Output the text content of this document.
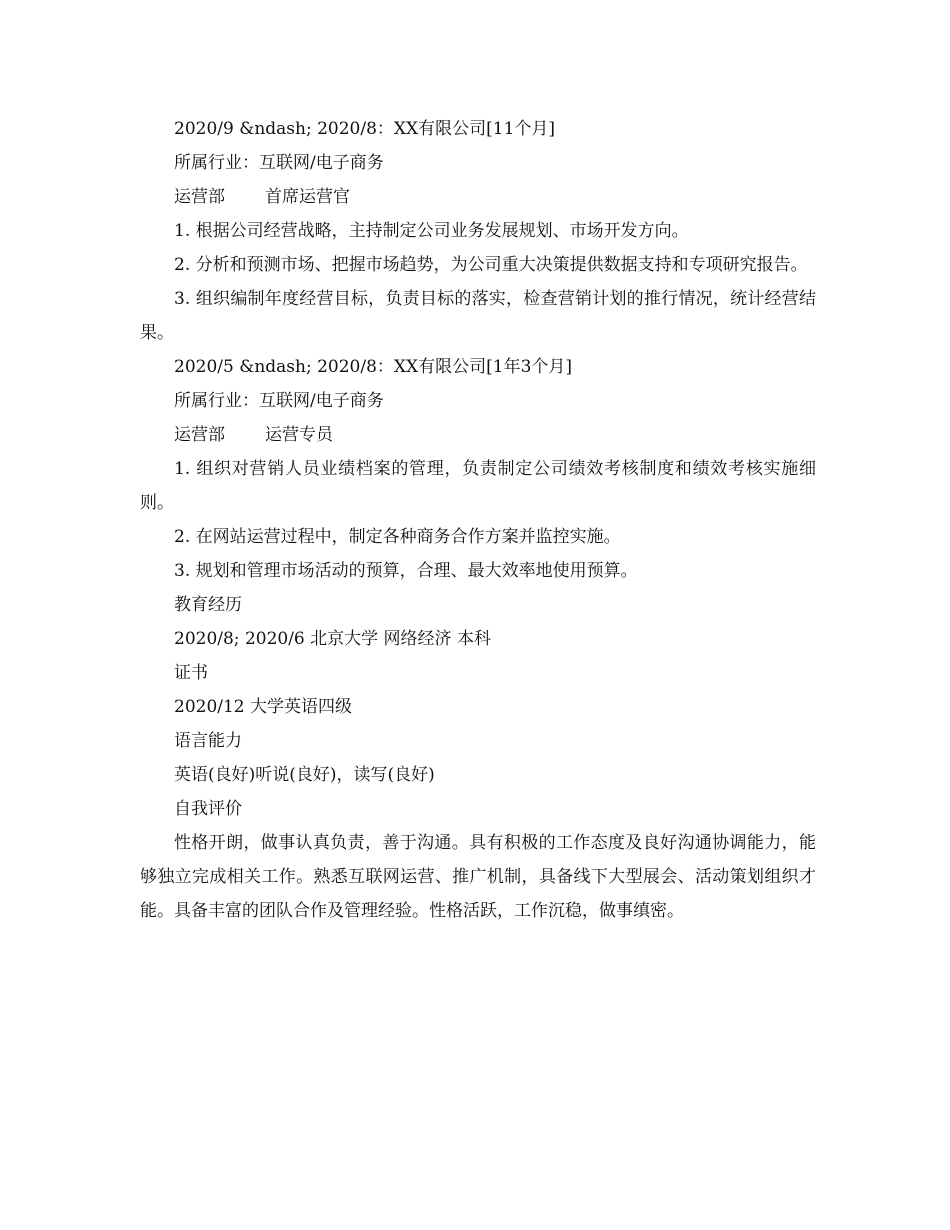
2020/9 &ndash; 2020/8：XX有限公司[11个月]
所属行业：互联网/电子商务
运营部 首席运营官
1. 根据公司经营战略，主持制定公司业务发展规划、市场开发方向。
2. 分析和预测市场、把握市场趋势，为公司重大决策提供数据支持和专项研究报告。
3. 组织编制年度经营目标，负责目标的落实，检查营销计划的推行情况，统计经营结果。
2020/5 &ndash; 2020/8：XX有限公司[1年3个月]
所属行业：互联网/电子商务
运营部 运营专员
1. 组织对营销人员业绩档案的管理，负责制定公司绩效考核制度和绩效考核实施细则。
2. 在网站运营过程中，制定各种商务合作方案并监控实施。
3. 规划和管理市场活动的预算，合理、最大效率地使用预算。
教育经历
2020/8; 2020/6 北京大学 网络经济 本科
证书
2020/12 大学英语四级
语言能力
英语(良好)听说(良好)，读写(良好)
自我评价
性格开朗，做事认真负责，善于沟通。具有积极的工作态度及良好沟通协调能力，能够独立完成相关工作。熟悉互联网运营、推广机制，具备线下大型展会、活动策划组织才能。具备丰富的团队合作及管理经验。性格活跃，工作沉稳，做事缜密。
